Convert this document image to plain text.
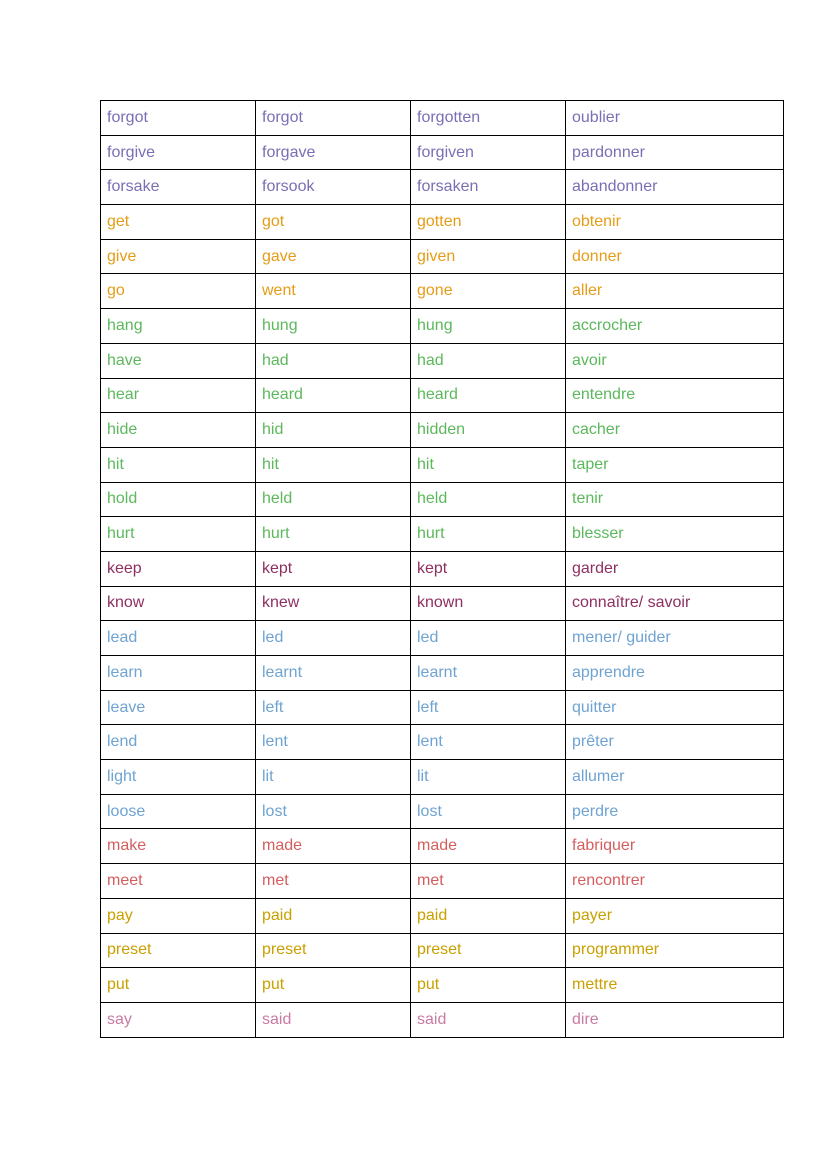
forgot	forgot	forgotten	oublier
forgive	forgave	forgiven	pardonner
forsake	forsook	forsaken	abandonner
get	got	gotten	obtenir
give	gave	given	donner
go	went	gone	aller
hang	hung	hung	accrocher
have	had	had	avoir
hear	heard	heard	entendre
hide	hid	hidden	cacher
hit	hit	hit	taper
hold	held	held	tenir
hurt	hurt	hurt	blesser
keep	kept	kept	garder
know	knew	known	connaître/ savoir
lead	led	led	mener/ guider
learn	learnt	learnt	apprendre
leave	left	left	quitter
lend	lent	lent	prêter
light	lit	lit	allumer
loose	lost	lost	perdre
make	made	made	fabriquer
meet	met	met	rencontrer
pay	paid	paid	payer
preset	preset	preset	programmer
put	put	put	mettre
say	said	said	dire
